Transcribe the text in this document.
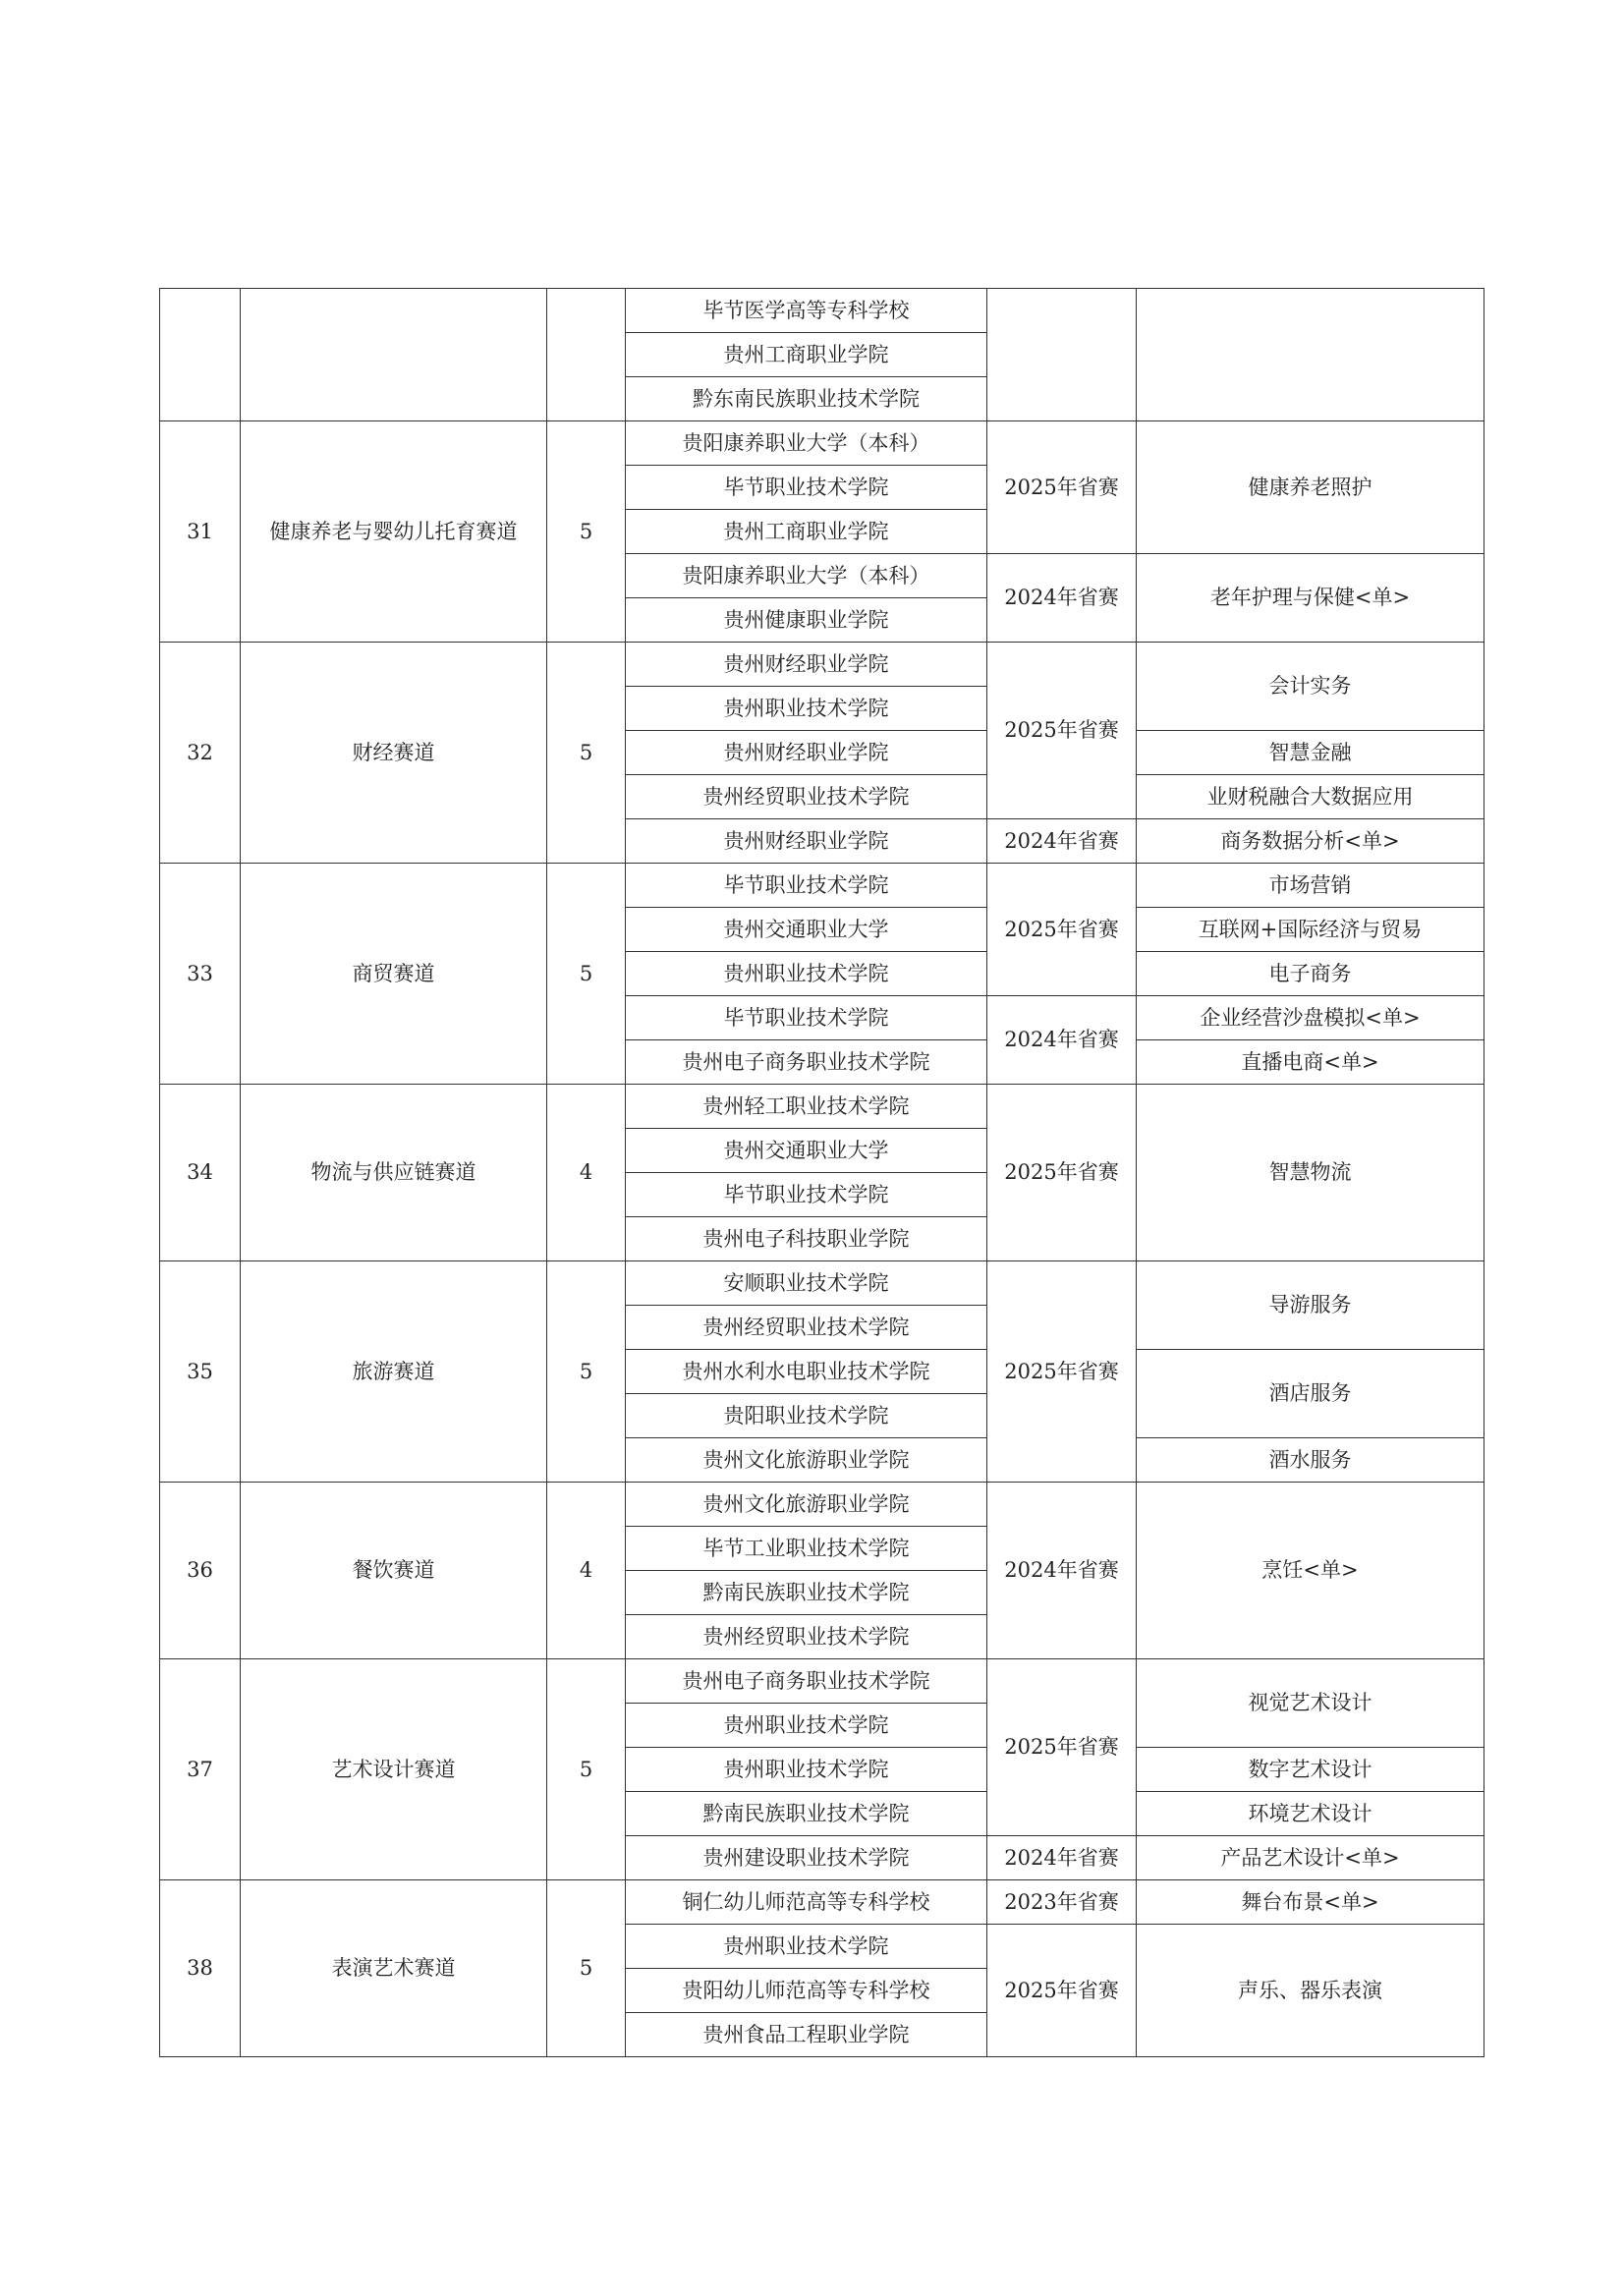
			毕节医学高等专科学校		
			贵州工商职业学院		
			黔东南民族职业技术学院		
31	健康养老与婴幼儿托育赛道	5	贵阳康养职业大学（本科）	2025年省赛	健康养老照护
			毕节职业技术学院		
			贵州工商职业学院		
			贵阳康养职业大学（本科）	2024年省赛	老年护理与保健<单>
			贵州健康职业学院		
32	财经赛道	5	贵州财经职业学院	2025年省赛	会计实务
			贵州职业技术学院		
			贵州财经职业学院		智慧金融
			贵州经贸职业技术学院		业财税融合大数据应用
			贵州财经职业学院	2024年省赛	商务数据分析<单>
33	商贸赛道	5	毕节职业技术学院	2025年省赛	市场营销
			贵州交通职业大学		互联网+国际经济与贸易
			贵州职业技术学院		电子商务
			毕节职业技术学院	2024年省赛	企业经营沙盘模拟<单>
			贵州电子商务职业技术学院		直播电商<单>
34	物流与供应链赛道	4	贵州轻工职业技术学院	2025年省赛	智慧物流
			贵州交通职业大学		
			毕节职业技术学院		
			贵州电子科技职业学院		
35	旅游赛道	5	安顺职业技术学院	2025年省赛	导游服务
			贵州经贸职业技术学院		
			贵州水利水电职业技术学院		酒店服务
			贵阳职业技术学院		
			贵州文化旅游职业学院		酒水服务
36	餐饮赛道	4	贵州文化旅游职业学院	2024年省赛	烹饪<单>
			毕节工业职业技术学院		
			黔南民族职业技术学院		
			贵州经贸职业技术学院		
37	艺术设计赛道	5	贵州电子商务职业技术学院	2025年省赛	视觉艺术设计
			贵州职业技术学院		
			贵州职业技术学院		数字艺术设计
			黔南民族职业技术学院		环境艺术设计
			贵州建设职业技术学院	2024年省赛	产品艺术设计<单>
38	表演艺术赛道	5	铜仁幼儿师范高等专科学校	2023年省赛	舞台布景<单>
			贵州职业技术学院	2025年省赛	声乐、器乐表演
			贵阳幼儿师范高等专科学校		
			贵州食品工程职业学院		
